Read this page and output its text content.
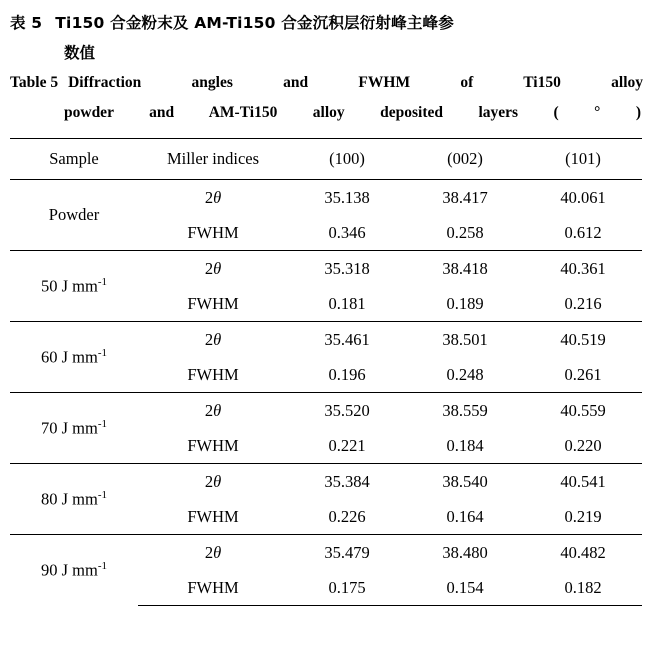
表 5 Ti150 合金粉末及 AM-Ti150 合金沉积层衍射峰主峰参
数值
Table 5 Diffraction angles and FWHM of Ti150 alloy
powder and AM-Ti150 alloy deposited layers ( ° )
Sample	Miller indices	(100)	(002)	(101)
Powder	2θ	35.138	38.417	40.061
	FWHM	0.346	0.258	0.612
50 J $mm^{-1}$	2θ	35.318	38.418	40.361
	FWHM	0.181	0.189	0.216
60 J $mm^{-1}$	2θ	35.461	38.501	40.519
	FWHM	0.196	0.248	0.261
70 J $mm^{-1}$	2θ	35.520	38.559	40.559
	FWHM	0.221	0.184	0.220
80 J $mm^{-1}$	2θ	35.384	38.540	40.541
	FWHM	0.226	0.164	0.219
90 J $mm^{-1}$	2θ	35.479	38.480	40.482
	FWHM	0.175	0.154	0.182
